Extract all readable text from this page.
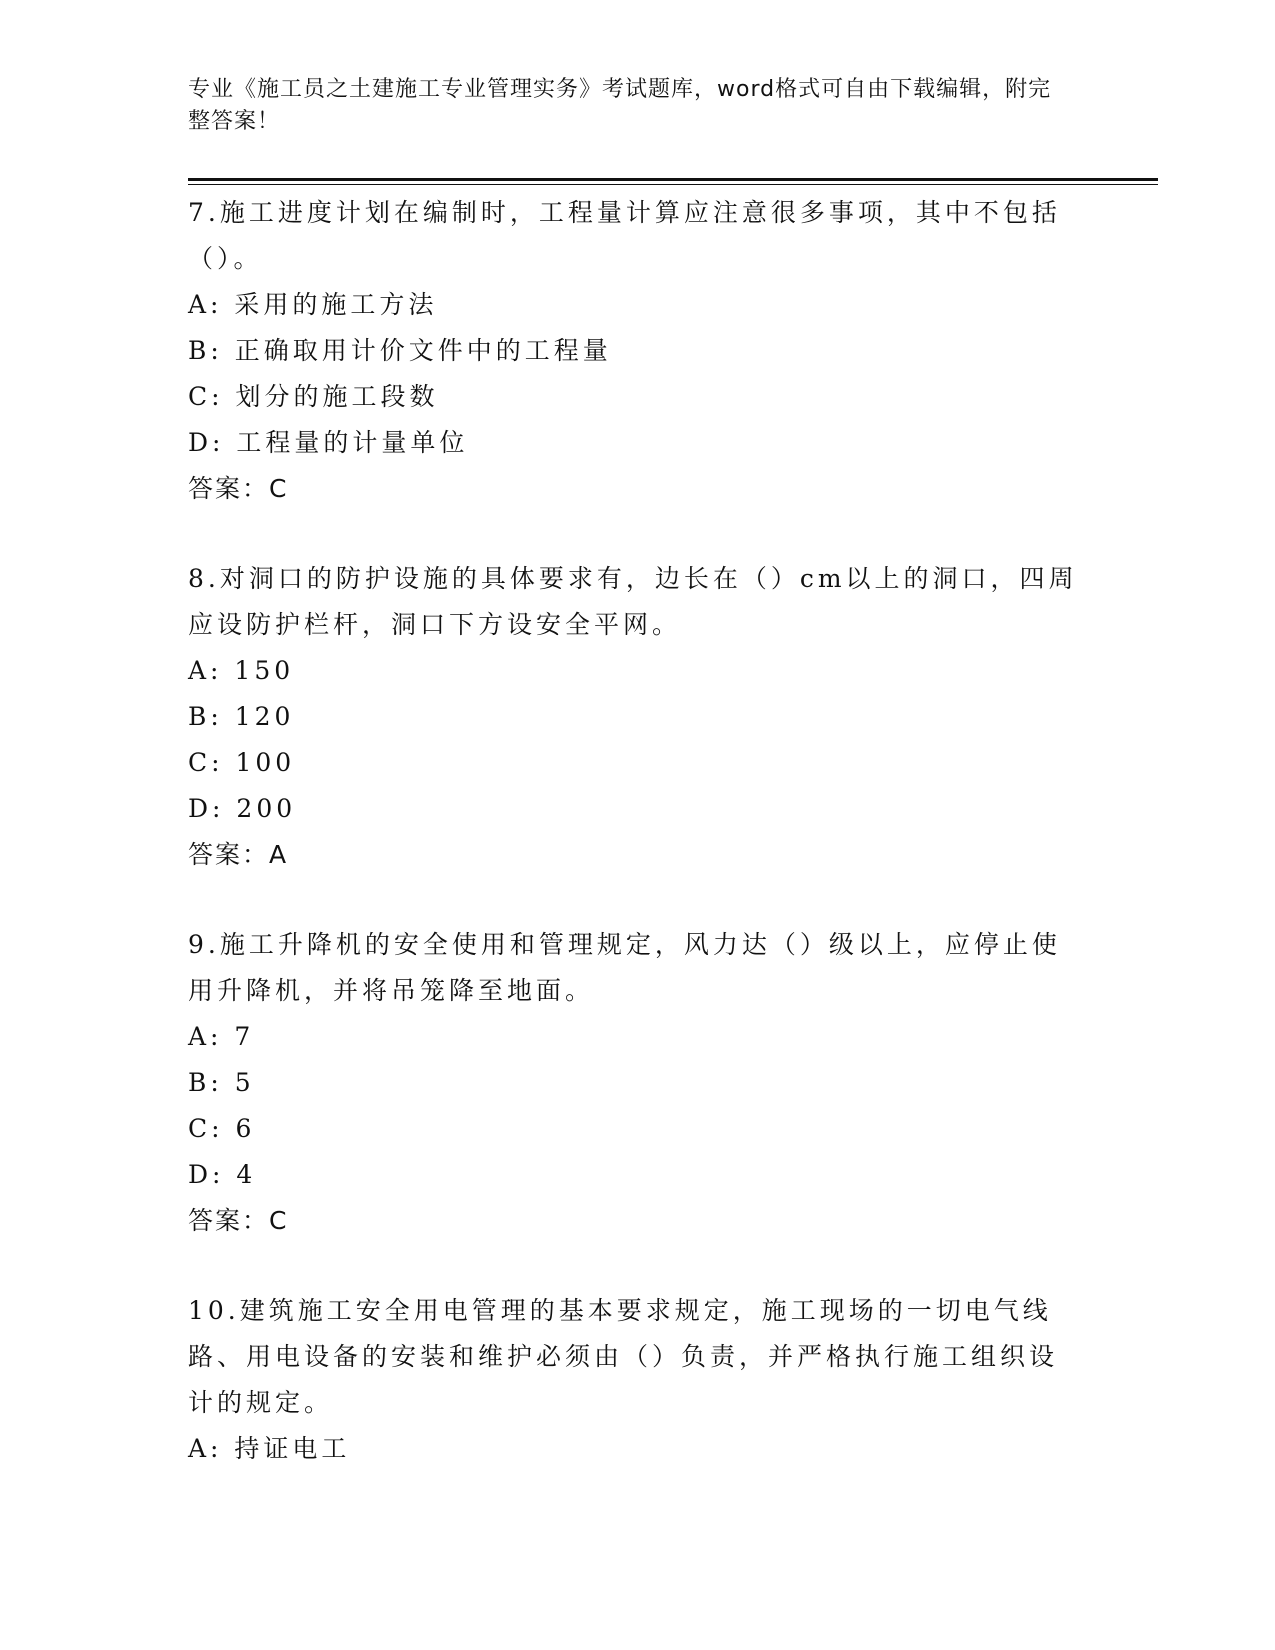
专业《施工员之土建施工专业管理实务》考试题库，word格式可自由下载编辑，附完整答案！
7.施工进度计划在编制时，工程量计算应注意很多事项，其中不包括（）。
A: 采用的施工方法
B: 正确取用计价文件中的工程量
C: 划分的施工段数
D: 工程量的计量单位
答案：C
8.对洞口的防护设施的具体要求有，边长在（）cm以上的洞口，四周应设防护栏杆，洞口下方设安全平网。
A: 150
B: 120
C: 100
D: 200
答案：A
9.施工升降机的安全使用和管理规定，风力达（）级以上，应停止使用升降机，并将吊笼降至地面。
A: 7
B: 5
C: 6
D: 4
答案：C
10.建筑施工安全用电管理的基本要求规定，施工现场的一切电气线路、用电设备的安装和维护必须由（）负责，并严格执行施工组织设计的规定。
A: 持证电工
